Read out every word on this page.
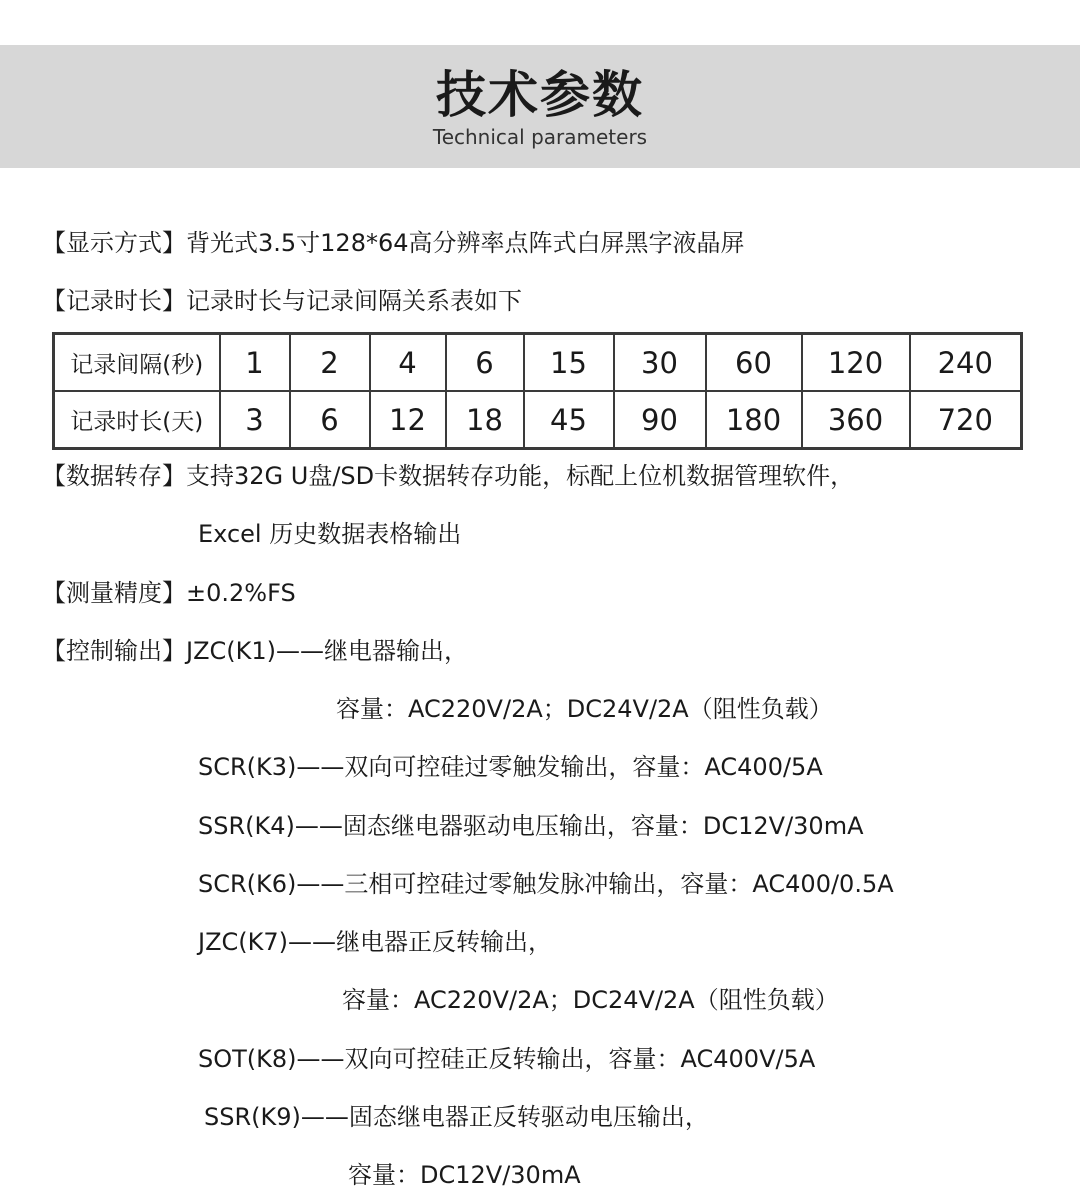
技术参数
Technical parameters
【显示方式】背光式3.5寸128*64高分辨率点阵式白屏黑字液晶屏
【记录时长】记录时长与记录间隔关系表如下
记录间隔(秒)	1	2	4	6	15	30	60	120	240
记录时长(天)	3	6	12	18	45	90	180	360	720
【数据转存】支持32G U盘/SD卡数据转存功能，标配上位机数据管理软件，
Excel 历史数据表格输出
【测量精度】±0.2%FS
【控制输出】JZC(K1)——继电器输出，
容量：AC220V/2A；DC24V/2A（阻性负载）
SCR(K3)——双向可控硅过零触发输出，容量：AC400/5A
SSR(K4)——固态继电器驱动电压输出，容量：DC12V/30mA
SCR(K6)——三相可控硅过零触发脉冲输出，容量：AC400/0.5A
JZC(K7)——继电器正反转输出，
容量：AC220V/2A；DC24V/2A（阻性负载）
SOT(K8)——双向可控硅正反转输出，容量：AC400V/5A
SSR(K9)——固态继电器正反转驱动电压输出，
容量：DC12V/30mA
